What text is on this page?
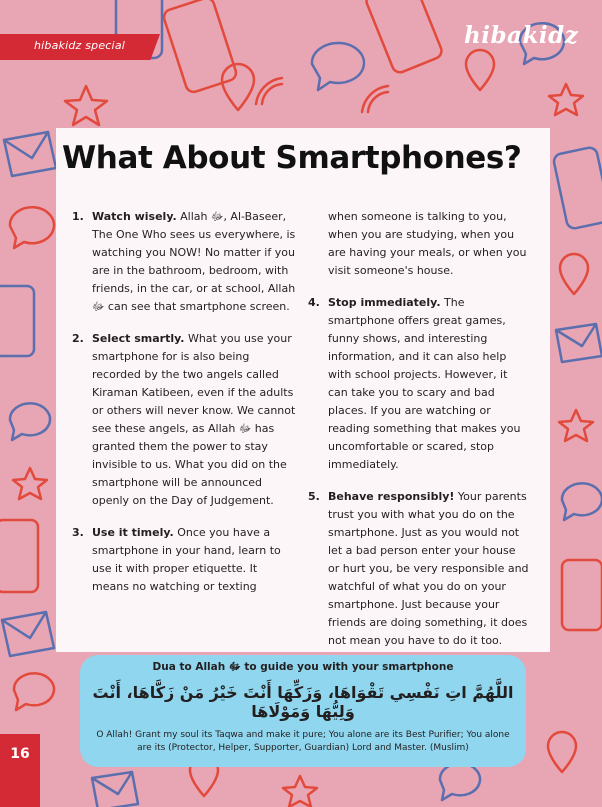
hibakidz special	hibakidz
What About Smartphones?
1. Watch wisely. Allah ﷻ, Al-Baseer, The One Who sees us everywhere, is watching you NOW! No matter if you are in the bathroom, bedroom, with friends, in the car, or at school, Allah ﷻ can see that smartphone screen.
2. Select smartly. What you use your smartphone for is also being recorded by the two angels called Kiraman Katibeen, even if the adults or others will never know. We cannot see these angels, as Allah ﷻ has granted them the power to stay invisible to us. What you did on the smartphone will be announced openly on the Day of Judgement.
3. Use it timely. Once you have a smartphone in your hand, learn to use it with proper etiquette. It means no watching or texting
when someone is talking to you, when you are studying, when you are having your meals, or when you visit someone's house.
4. Stop immediately. The smartphone offers great games, funny shows, and interesting information, and it can also help with school projects. However, it can take you to scary and bad places. If you are watching or reading something that makes you uncomfortable or scared, stop immediately.
5. Behave responsibly! Your parents trust you with what you do on the smartphone. Just as you would not let a bad person enter your house or hurt you, be very responsible and watchful of what you do on your smartphone. Just because your friends are doing something, it does not mean you have to do it too.
Dua to Allah ﷻ to guide you with your smartphone
اللَّهُمَّ اتِ نَفْسِي تَقْوَاهَا، وَزَكِّهَا أَنْتَ خَيْرُ مَنْ زَكَّاهَا، أَنْتَ وَلِيُّهَا وَمَوْلَاهَا
O Allah! Grant my soul its Taqwa and make it pure; You alone are its Best Purifier; You alone are its (Protector, Helper, Supporter, Guardian) Lord and Master. (Muslim)
16
